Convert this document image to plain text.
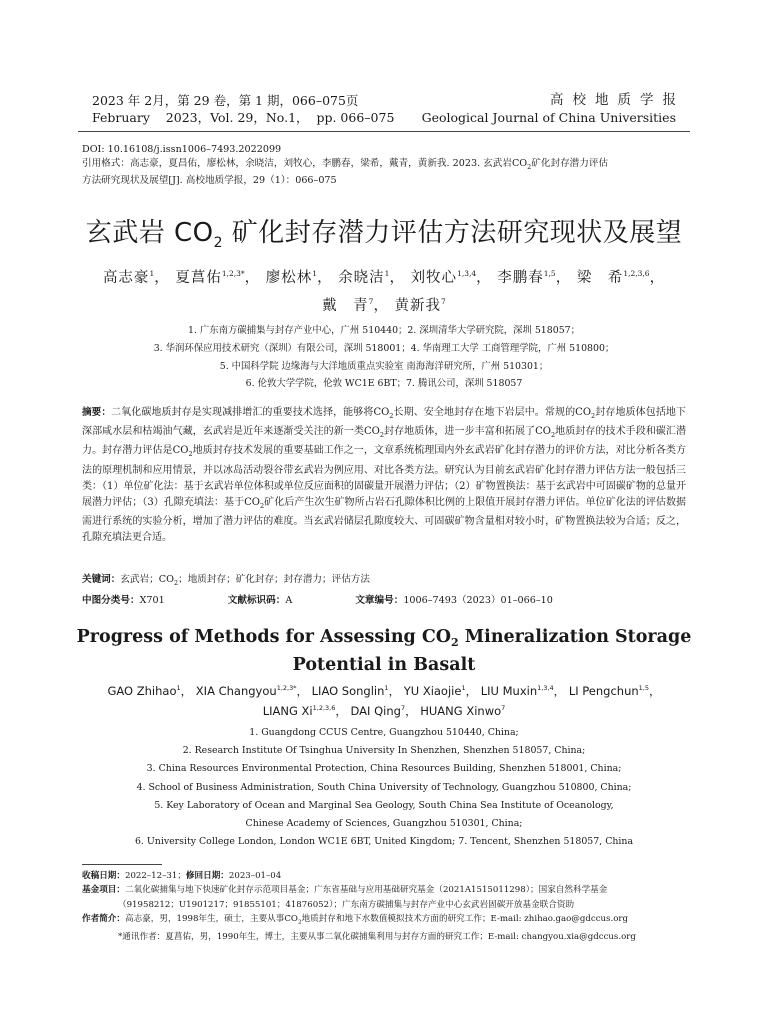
2023 年 2月，第 29 卷，第 1 期，066–075页
February    2023，Vol. 29，No.1，  pp. 066–075
高校地质学报
Geological Journal of China Universities
DOI: 10.16108/j.issn1006–7493.2022099
引用格式：高志豪，夏昌佑，廖松林，余晓洁，刘牧心，李鹏春，梁希，戴青，黄新我. 2023. 玄武岩$CO_2$矿化封存潜力评估
方法研究现状及展望[J]. 高校地质学报，29（1）：066–075
玄武岩 $CO_2$ 矿化封存潜力评估方法研究现状及展望
高志豪$^1$， 夏菖佑$^{1,2,3*}$， 廖松林$^1$， 余晓洁$^1$， 刘牧心$^{1,3,4}$， 李鹏春$^{1,5}$， 梁　希$^{1,2,3,6}$，
戴　青$^7$， 黄新我$^7$
1. 广东南方碳捕集与封存产业中心，广州 510440；2. 深圳清华大学研究院，深圳 518057；
3. 华润环保应用技术研究（深圳）有限公司，深圳 518001；4. 华南理工大学 工商管理学院，广州 510800；
5. 中国科学院 边缘海与大洋地质重点实验室 南海海洋研究所，广州 510301；
6. 伦敦大学学院，伦敦 WC1E 6BT；7. 腾讯公司，深圳 518057
摘要：二氧化碳地质封存是实现减排增汇的重要技术选择，能够将$CO_2$长期、安全地封存在地下岩层中。常规的$CO_2$封存地质体包括地下深部咸水层和枯竭油气藏，玄武岩是近年来逐渐受关注的新一类$CO_2$封存地质体，进一步丰富和拓展了$CO_2$地质封存的技术手段和碳汇潜力。封存潜力评估是$CO_2$地质封存技术发展的重要基础工作之一，文章系统梳理国内外玄武岩矿化封存潜力的评价方法，对比分析各类方法的原理机制和应用情景，并以冰岛活动裂谷带玄武岩为例应用、对比各类方法。研究认为目前玄武岩矿化封存潜力评估方法一般包括三类：（1）单位矿化法：基于玄武岩单位体积或单位反应面积的固碳量开展潜力评估；（2）矿物置换法：基于玄武岩中可固碳矿物的总量开展潜力评估；（3）孔隙充填法：基于$CO_2$矿化后产生次生矿物所占岩石孔隙体积比例的上限值开展封存潜力评估。单位矿化法的评估数据需进行系统的实验分析，增加了潜力评估的难度。当玄武岩储层孔隙度较大、可固碳矿物含量相对较小时，矿物置换法较为合适；反之，孔隙充填法更合适。
关键词：玄武岩；$CO_2$；地质封存；矿化封存；封存潜力；评估方法
中图分类号：X701	文献标识码：A	文章编号：1006–7493（2023）01–066–10
Progress of Methods for Assessing $CO_2$ Mineralization Storage
Potential in Basalt
GAO Zhihao$^1$， XIA Changyou$^{1,2,3*}$， LIAO Songlin$^1$， YU Xiaojie$^1$， LIU Muxin$^{1,3,4}$， LI Pengchun$^{1,5}$，
LIANG Xi$^{1,2,3,6}$， DAI Qing$^7$， HUANG Xinwo$^7$
1. Guangdong CCUS Centre, Guangzhou 510440, China;
2. Research Institute Of Tsinghua University In Shenzhen, Shenzhen 518057, China;
3. China Resources Environmental Protection, China Resources Building, Shenzhen 518001, China;
4. School of Business Administration, South China University of Technology, Guangzhou 510800, China;
5. Key Laboratory of Ocean and Marginal Sea Geology, South China Sea Institute of Oceanology,
Chinese Academy of Sciences, Guangzhou 510301, China;
6. University College London, London WC1E 6BT, United Kingdom; 7. Tencent, Shenzhen 518057, China
收稿日期：2022–12–31；修回日期：2023–01–04
基金项目：二氧化碳捕集与地下快速矿化封存示范项目基金；广东省基础与应用基础研究基金（2021A1515011298）；国家自然科学基金
（91958212；U1901217；91855101；41876052）；广东南方碳捕集与封存产业中心玄武岩固碳开放基金联合资助
作者简介：高志豪，男，1998年生，硕士，主要从事$CO_2$地质封存和地下水数值模拟技术方面的研究工作；E-mail: zhihao.gao@gdccus.org
*通讯作者：夏菖佑，男，1990年生，博士，主要从事二氧化碳捕集利用与封存方面的研究工作；E-mail: changyou.xia@gdccus.org
